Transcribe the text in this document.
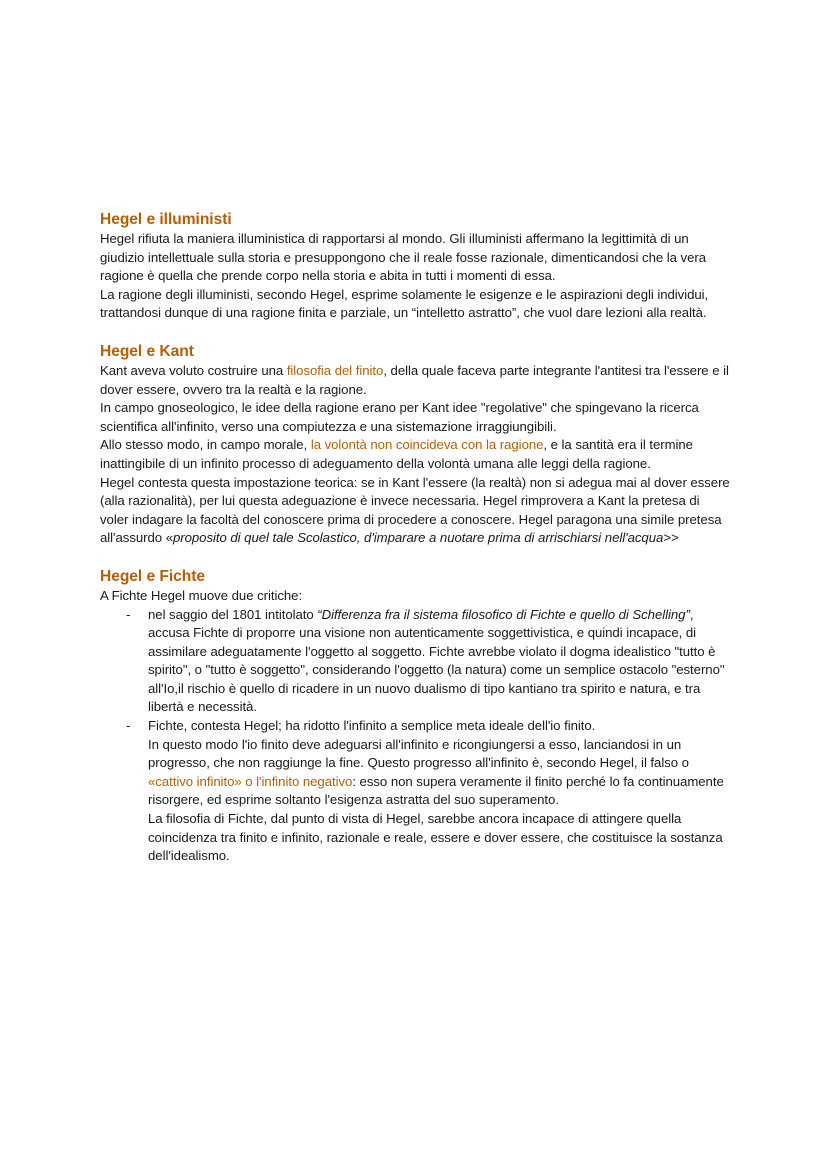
Hegel e illuministi

Hegel rifiuta la maniera illuministica di rapportarsi al mondo. Gli illuministi affermano la legittimità di un giudizio intellettuale sulla storia e presuppongono che il reale fosse razionale, dimenticandosi che la vera ragione è quella che prende corpo nella storia e abita in tutti i momenti di essa.

La ragione degli illuministi, secondo Hegel, esprime solamente le esigenze e le aspirazioni degli individui, trattandosi dunque di una ragione finita e parziale, un “intelletto astratto”, che vuol dare lezioni alla realtà.

Hegel e Kant

Kant aveva voluto costruire una filosofia del finito, della quale faceva parte integrante l'antitesi tra l'essere e il dover essere, ovvero tra la realtà e la ragione.

In campo gnoseologico, le idee della ragione erano per Kant idee "regolative" che spingevano la ricerca scientifica all'infinito, verso una compiutezza e una sistemazione irraggiungibili.

Allo stesso modo, in campo morale, la volontà non coincideva con la ragione, e la santità era il termine inattingibile di un infinito processo di adeguamento della volontà umana alle leggi della ragione.

Hegel contesta questa impostazione teorica: se in Kant l'essere (la realtà) non si adegua mai al dover essere (alla razionalità), per lui questa adeguazione è invece necessaria. Hegel rimprovera a Kant la pretesa di voler indagare la facoltà del conoscere prima di procedere a conoscere. Hegel paragona una simile pretesa all'assurdo «proposito di quel tale Scolastico, d'imparare a nuotare prima di arrischiarsi nell'acqua>>

Hegel e Fichte

A Fichte Hegel muove due critiche:

- nel saggio del 1801 intitolato “Differenza fra il sistema filosofico di Fichte e quello di Schelling”, accusa Fichte di proporre una visione non autenticamente soggettivistica, e quindi incapace, di assimilare adeguatamente l'oggetto al soggetto. Fichte avrebbe violato il dogma idealistico "tutto è spirito", o "tutto è soggetto", considerando l'oggetto (la natura) come un semplice ostacolo "esterno" all'Io,il rischio è quello di ricadere in un nuovo dualismo di tipo kantiano tra spirito e natura, e tra libertà e necessità.

- Fichte, contesta Hegel; ha ridotto l'infinito a semplice meta ideale dell'io finito.

In questo modo l'io finito deve adeguarsi all'infinito e ricongiungersi a esso, lanciandosi in un progresso, che non raggiunge la fine. Questo progresso all'infinito è, secondo Hegel, il falso o «cattivo infinito» o l'infinito negativo: esso non supera veramente il finito perché lo fa continuamente risorgere, ed esprime soltanto l'esigenza astratta del suo superamento.

La filosofia di Fichte, dal punto di vista di Hegel, sarebbe ancora incapace di attingere quella coincidenza tra finito e infinito, razionale e reale, essere e dover essere, che costituisce la sostanza dell'idealismo.
